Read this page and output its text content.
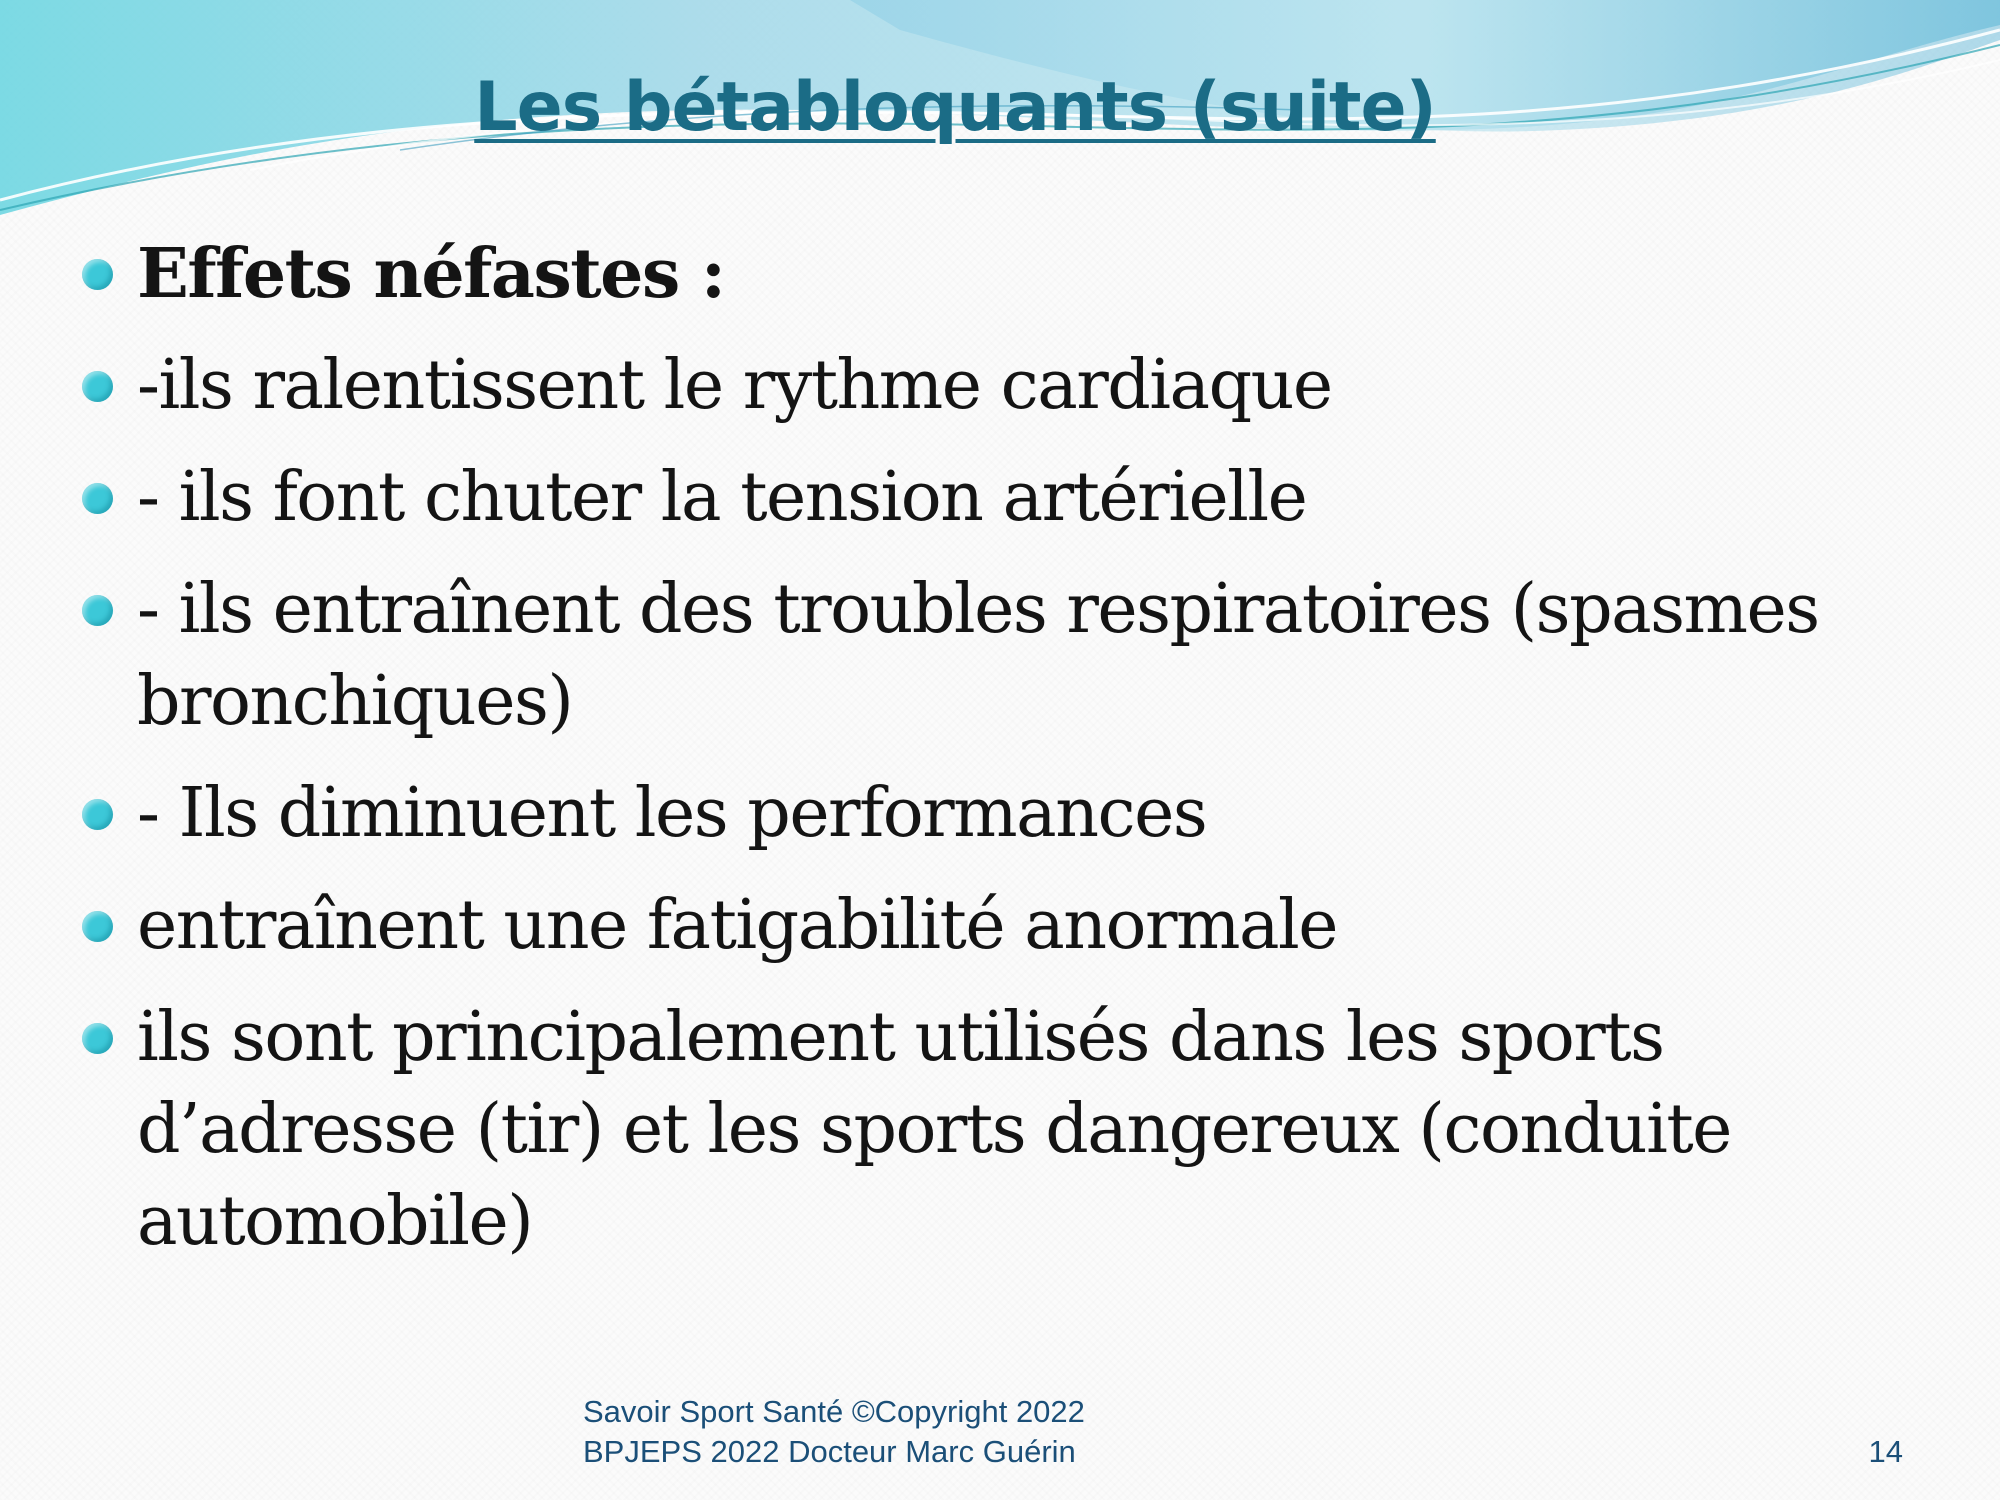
Les bétabloquants (suite)
Effets néfastes :
-ils ralentissent le rythme cardiaque
- ils font chuter la tension artérielle
- ils entraînent des troubles respiratoires (spasmes bronchiques)
- Ils diminuent les performances
entraînent une fatigabilité anormale
ils sont principalement utilisés dans les sports d’adresse (tir) et les sports dangereux (conduite automobile)
Savoir Sport Santé ©Copyright 2022
BPJEPS 2022 Docteur Marc Guérin	14
